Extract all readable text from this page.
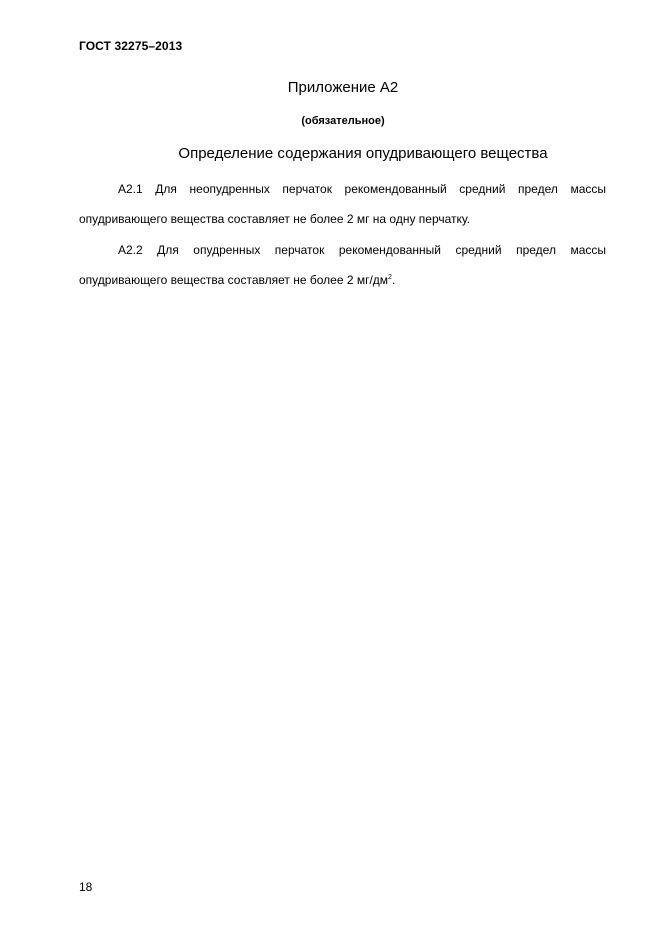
ГОСТ 32275–2013
Приложение А2
(обязательное)
Определение содержания опудривающего вещества

А2.1 Для неопудренных перчаток рекомендованный средний предел массы опудривающего вещества составляет не более 2 мг на одну перчатку.

А2.2 Для опудренных перчаток рекомендованный средний предел массы опудривающего вещества составляет не более 2 $мг/дм^2$.

18
